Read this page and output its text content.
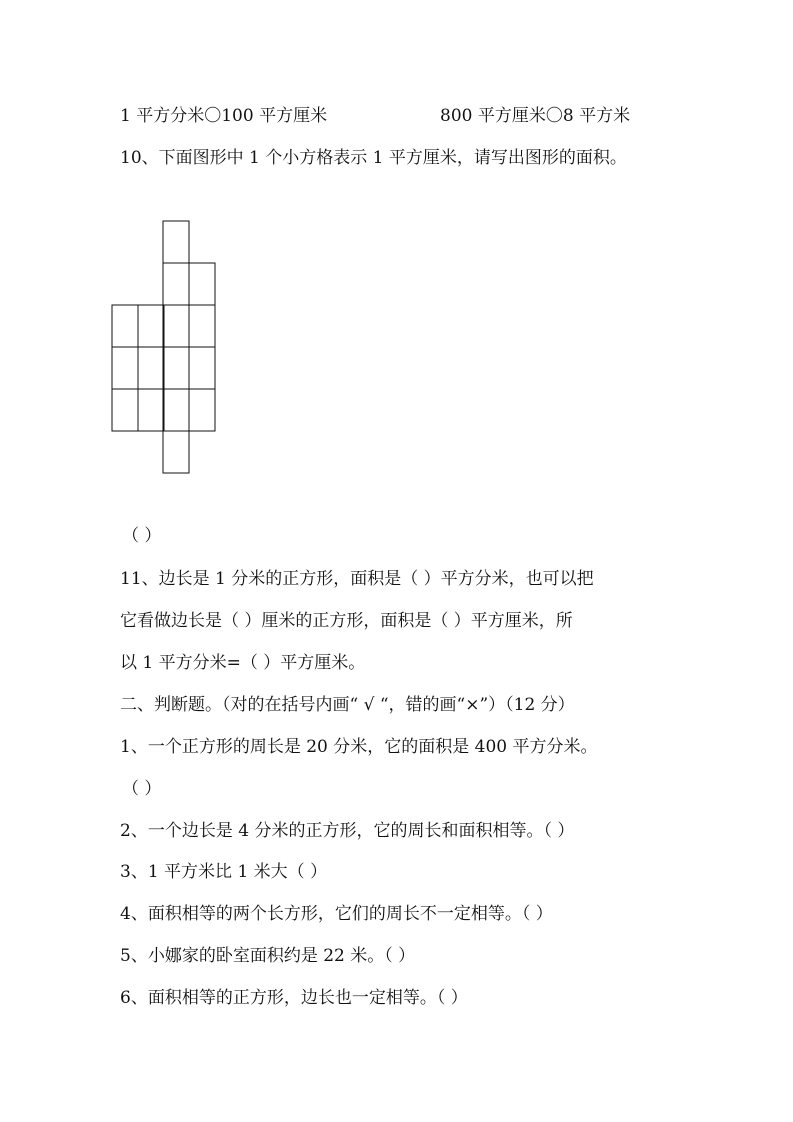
1 平方分米〇100 平方厘米	800 平方厘米〇8 平方米
10、下面图形中 1 个小方格表示 1 平方厘米，请写出图形的面积。
（ ）
11、边长是 1 分米的正方形，面积是（ ）平方分米，也可以把
它看做边长是（ ）厘米的正方形，面积是（ ）平方厘米，所
以 1 平方分米=（ ）平方厘米。
二、判断题。（对的在括号内画“ √ “，错的画“×”）（12 分）
1、一个正方形的周长是 20 分米，它的面积是 400 平方分米。
（ ）
2、一个边长是 4 分米的正方形，它的周长和面积相等。（ ）
3、1 平方米比 1 米大（ ）
4、面积相等的两个长方形，它们的周长不一定相等。（ ）
5、小娜家的卧室面积约是 22 米。（ ）
6、面积相等的正方形，边长也一定相等。（ ）
